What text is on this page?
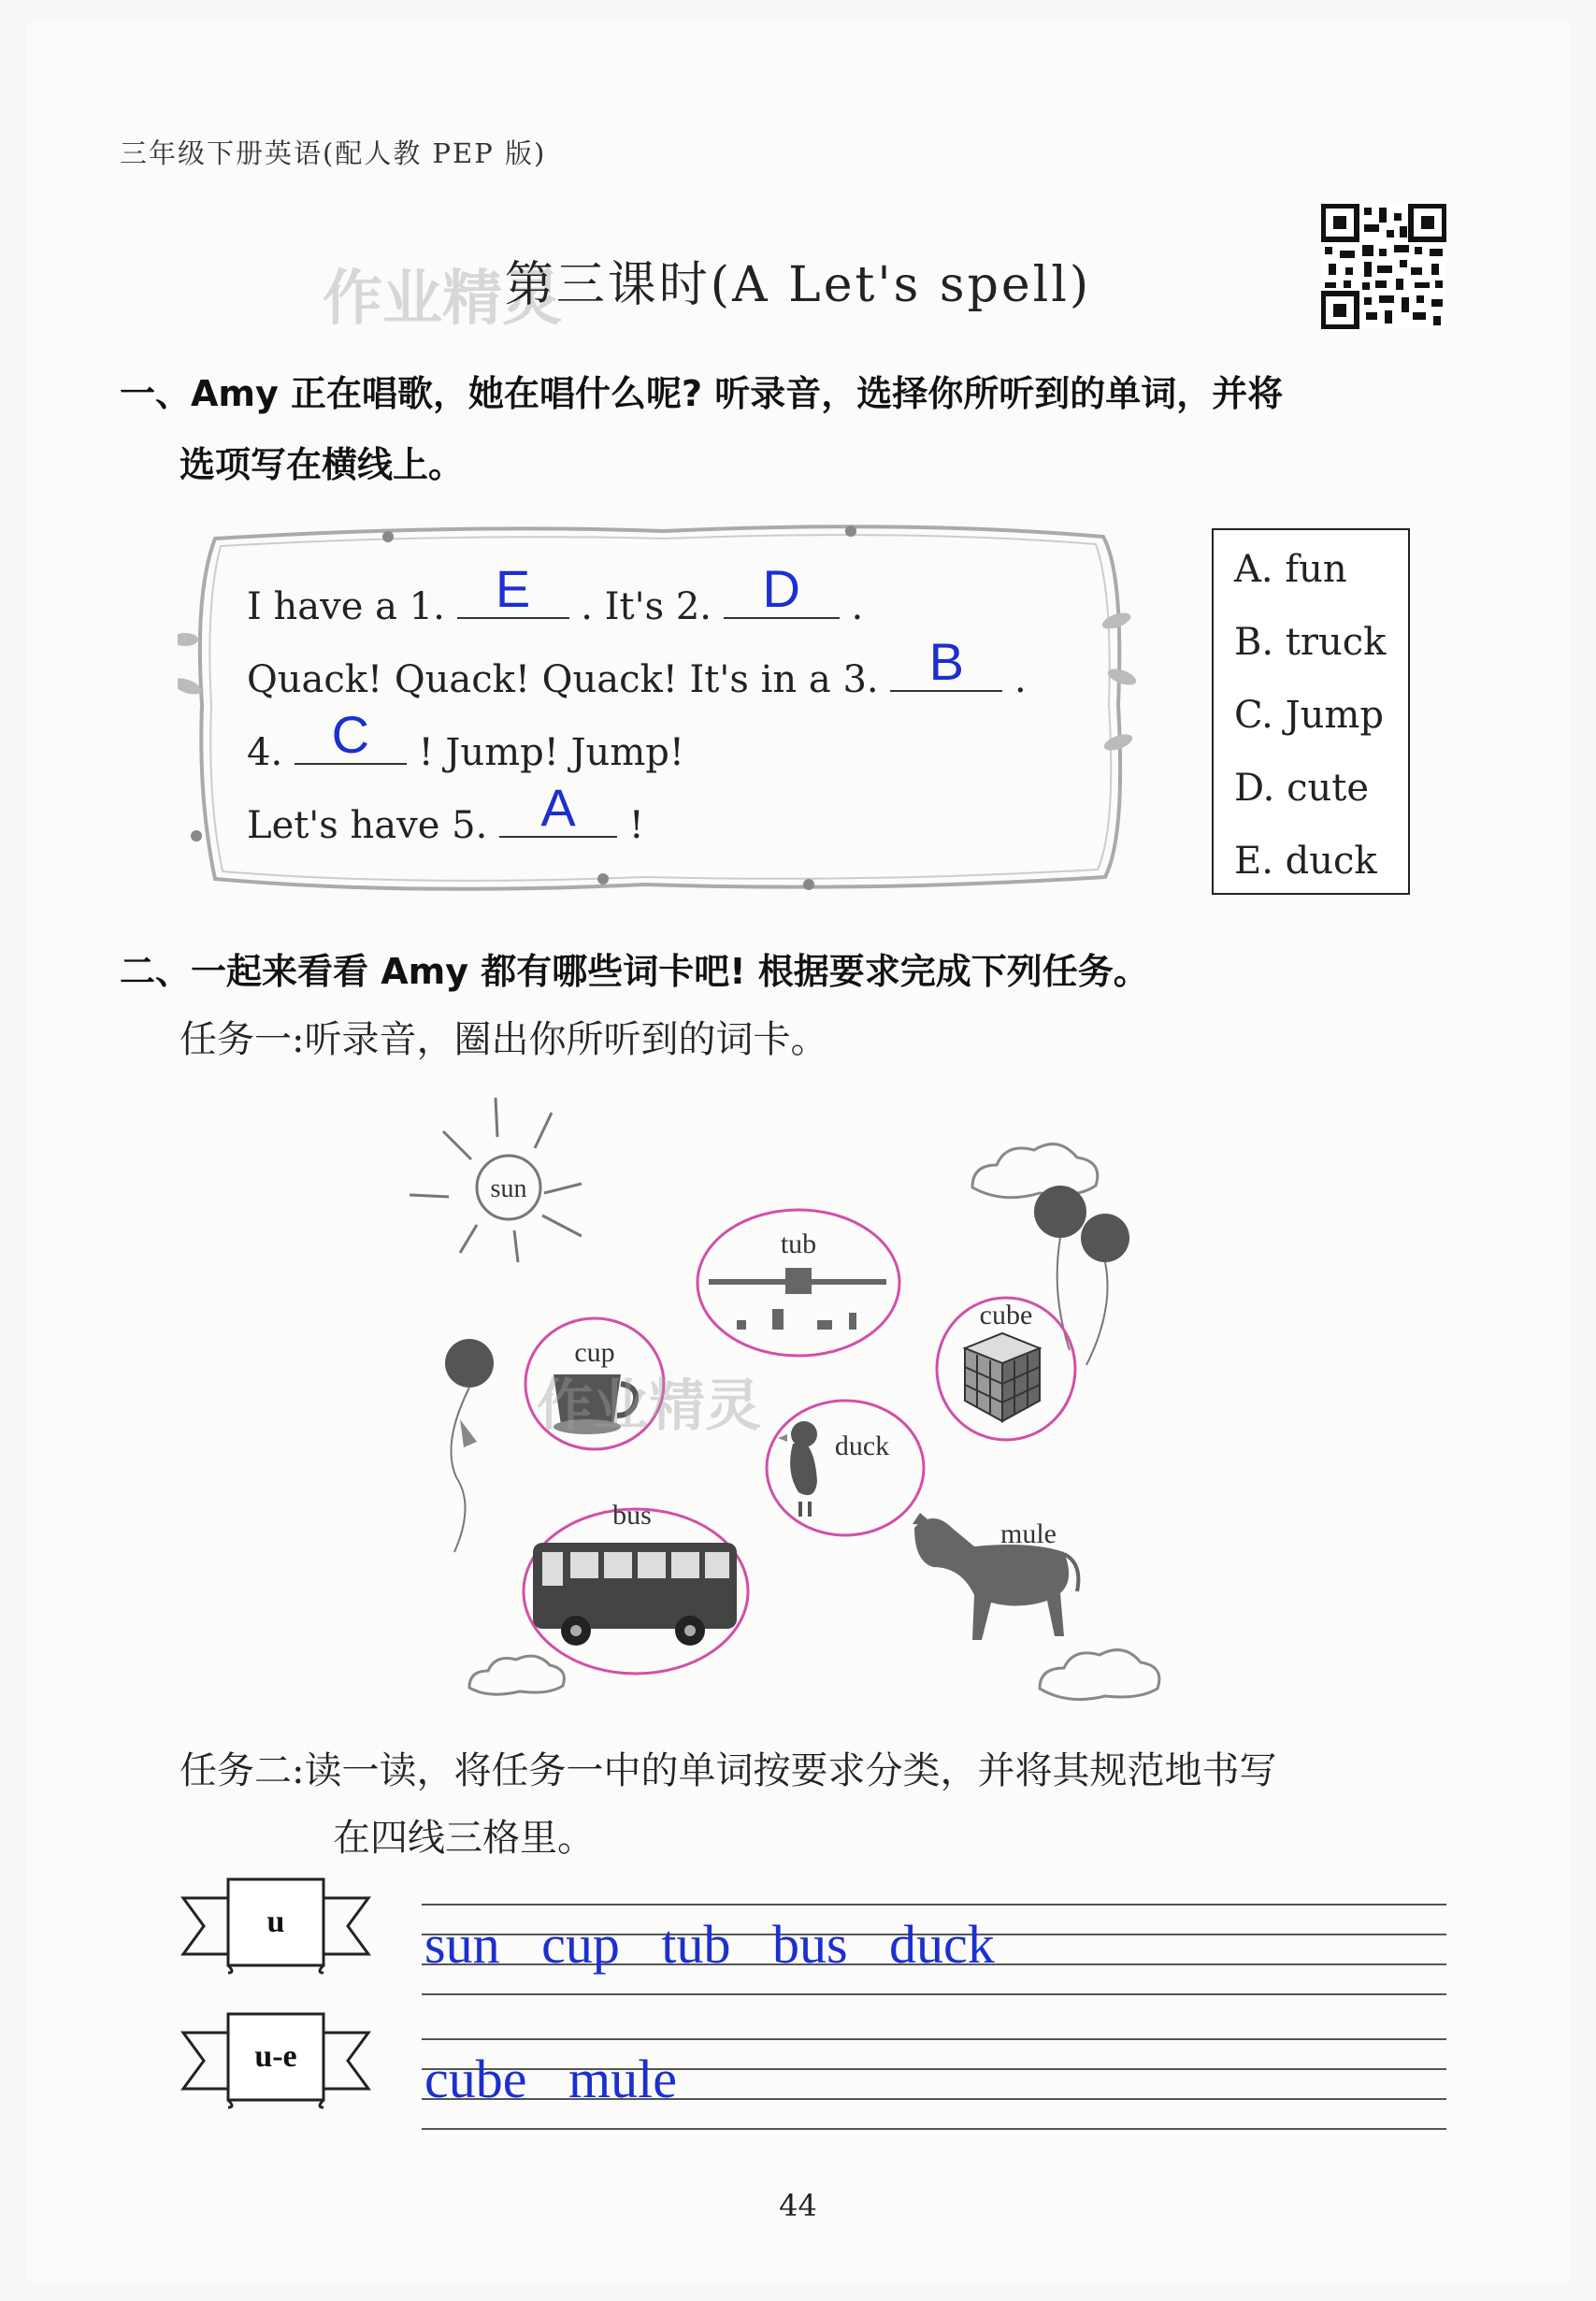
三年级下册英语(配人教 PEP 版)
作业精灵
第三课时(A Let's spell)
一、Amy 正在唱歌，她在唱什么呢? 听录音，选择你所听到的单词，并将
选项写在横线上。
I have a 1. E	. It's 2. D	.
Quack! Quack! Quack! It's in a 3. B	.
4. C	! Jump! Jump!
Let's have 5.	A	!
A. fun
B. truck
C. Jump
D. cute
E. duck
二、一起来看看 Amy 都有哪些词卡吧! 根据要求完成下列任务。
任务一:听录音，圈出你所听到的词卡。
sun
tub
cup
cube
duck
bus
mule
作业精灵
任务二:读一读，将任务一中的单词按要求分类，并将其规范地书写
在四线三格里。
u
u-e
sun cup tub bus duck
cube mule
44
